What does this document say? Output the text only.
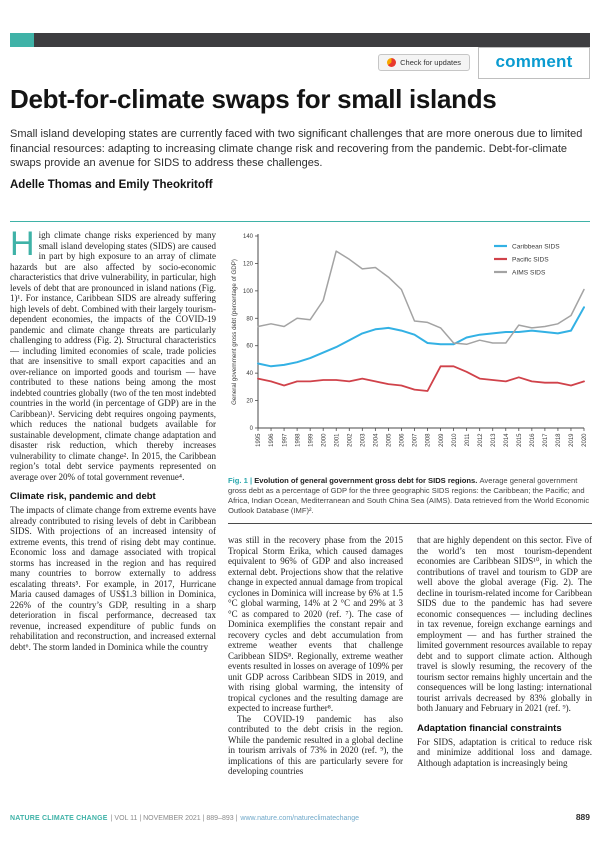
Check for updates	comment
Debt-for-climate swaps for small islands

Small island developing states are currently faced with two significant challenges that are more onerous due to limited financial resources: adapting to increasing climate change risk and recovering from the pandemic. Debt-for-climate swaps provide an avenue for SIDS to address these challenges.

Adelle Thomas and Emily Theokritoff

High climate change risks experienced by many small island developing states (SIDS) are caused in part by high exposure to an array of climate hazards but are also affected by socio-economic characteristics that drive vulnerability, in particular, high levels of debt that are pronounced in island nations (Fig. 1)¹. For instance, Caribbean SIDS are already suffering high levels of debt. Combined with their largely tourism-dependent economies, the impacts of the COVID-19 pandemic and climate change threats are particularly challenging to address (Fig. 2). Structural characteristics — including limited economies of scale, trade policies that are insensitive to small export capacities and an over-reliance on imported goods and tourism — have contributed to these nations being among the most indebted countries globally (two of the ten most indebted countries in the world (in percentage of GDP) are in the Caribbean)¹. Servicing debt requires ongoing payments, which reduces the national budgets available for sustainable development, climate change adaptation and disaster risk reduction, which thereby increases vulnerability to climate change². In 2015, the Caribbean region’s total debt service payments represented on average over 20% of total government revenue⁴.

Climate risk, pandemic and debt

The impacts of climate change from extreme events have already contributed to rising levels of debt in Caribbean SIDS. With projections of an increased intensity of extreme events, this trend of rising debt may continue. Economic loss and damage associated with tropical storms has increased in the region and has required many countries to borrow externally to address escalating threats⁵. For example, in 2017, Hurricane Maria caused damages of US$1.3 billion in Dominica, 226% of the country’s GDP, resulting in a sharp deterioration in fiscal performance, decreased tax revenue, increased expenditure of public funds on rehabilitation and reconstruction, and increased external debt⁶. The storm landed in Dominica while the country

0
20
40
60
80
100
120
140
1995 1996 1997 1998 1999 2000 2001 2002 2003 2004 2005 2006 2007 2008 2009 2010 2011 2012 2013 2014 2015 2016 2017 2018 2019 2020
Caribbean SIDS
Pacific SIDS
AIMS SIDS
General government gross debt (percentage of GDP)

Fig. 1 | Evolution of general government gross debt for SIDS regions. Average general government gross debt as a percentage of GDP for the three geographic SIDS regions: the Caribbean; the Pacific; and Africa, Indian Ocean, Mediterranean and South China Sea (AIMS). Data retrieved from the World Economic Outlook Database (IMF)².

was still in the recovery phase from the 2015 Tropical Storm Erika, which caused damages equivalent to 96% of GDP and also increased external debt. Projections show that the relative change in expected annual damage from tropical cyclones in Dominica will increase by 6% at 1.5 °C global warming, 14% at 2 °C and 29% at 3 °C as compared to 2020 (ref. ⁷). The case of Dominica exemplifies the constant repair and recovery cycles and debt accumulation from extreme weather events that challenge Caribbean SIDS⁸. Regionally, extreme weather events resulted in losses on average of 109% per unit GDP across Caribbean SIDS in 2019, and with rising global warming, the intensity of tropical cyclones and the resulting damage are expected to increase further⁸.

The COVID-19 pandemic has also contributed to the debt crisis in the region. While the pandemic resulted in a global decline in tourism arrivals of 73% in 2020 (ref. ⁹), the implications of this are particularly severe for developing countries

that are highly dependent on this sector. Five of the world’s ten most tourism-dependent economies are Caribbean SIDS¹⁰, in which the contributions of travel and tourism to GDP are well above the global average (Fig. 2). The decline in tourism-related income for Caribbean SIDS due to the pandemic has had severe economic consequences — including declines in tax revenue, foreign exchange earnings and employment — and has further strained the limited government resources available to repay debt and to support climate action. Although travel is slowly resuming, the recovery of the tourism sector remains highly uncertain and the consequences will be long lasting: international tourist arrivals decreased by 83% globally in both January and February in 2021 (ref. ⁹).

Adaptation financial constraints

For SIDS, adaptation is critical to reduce risk and minimize additional loss and damage. Although adaptation is increasingly being

NATURE CLIMATE CHANGE | VOL 11 | NOVEMBER 2021 | 889–893 | www.nature.com/natureclimatechange	889
